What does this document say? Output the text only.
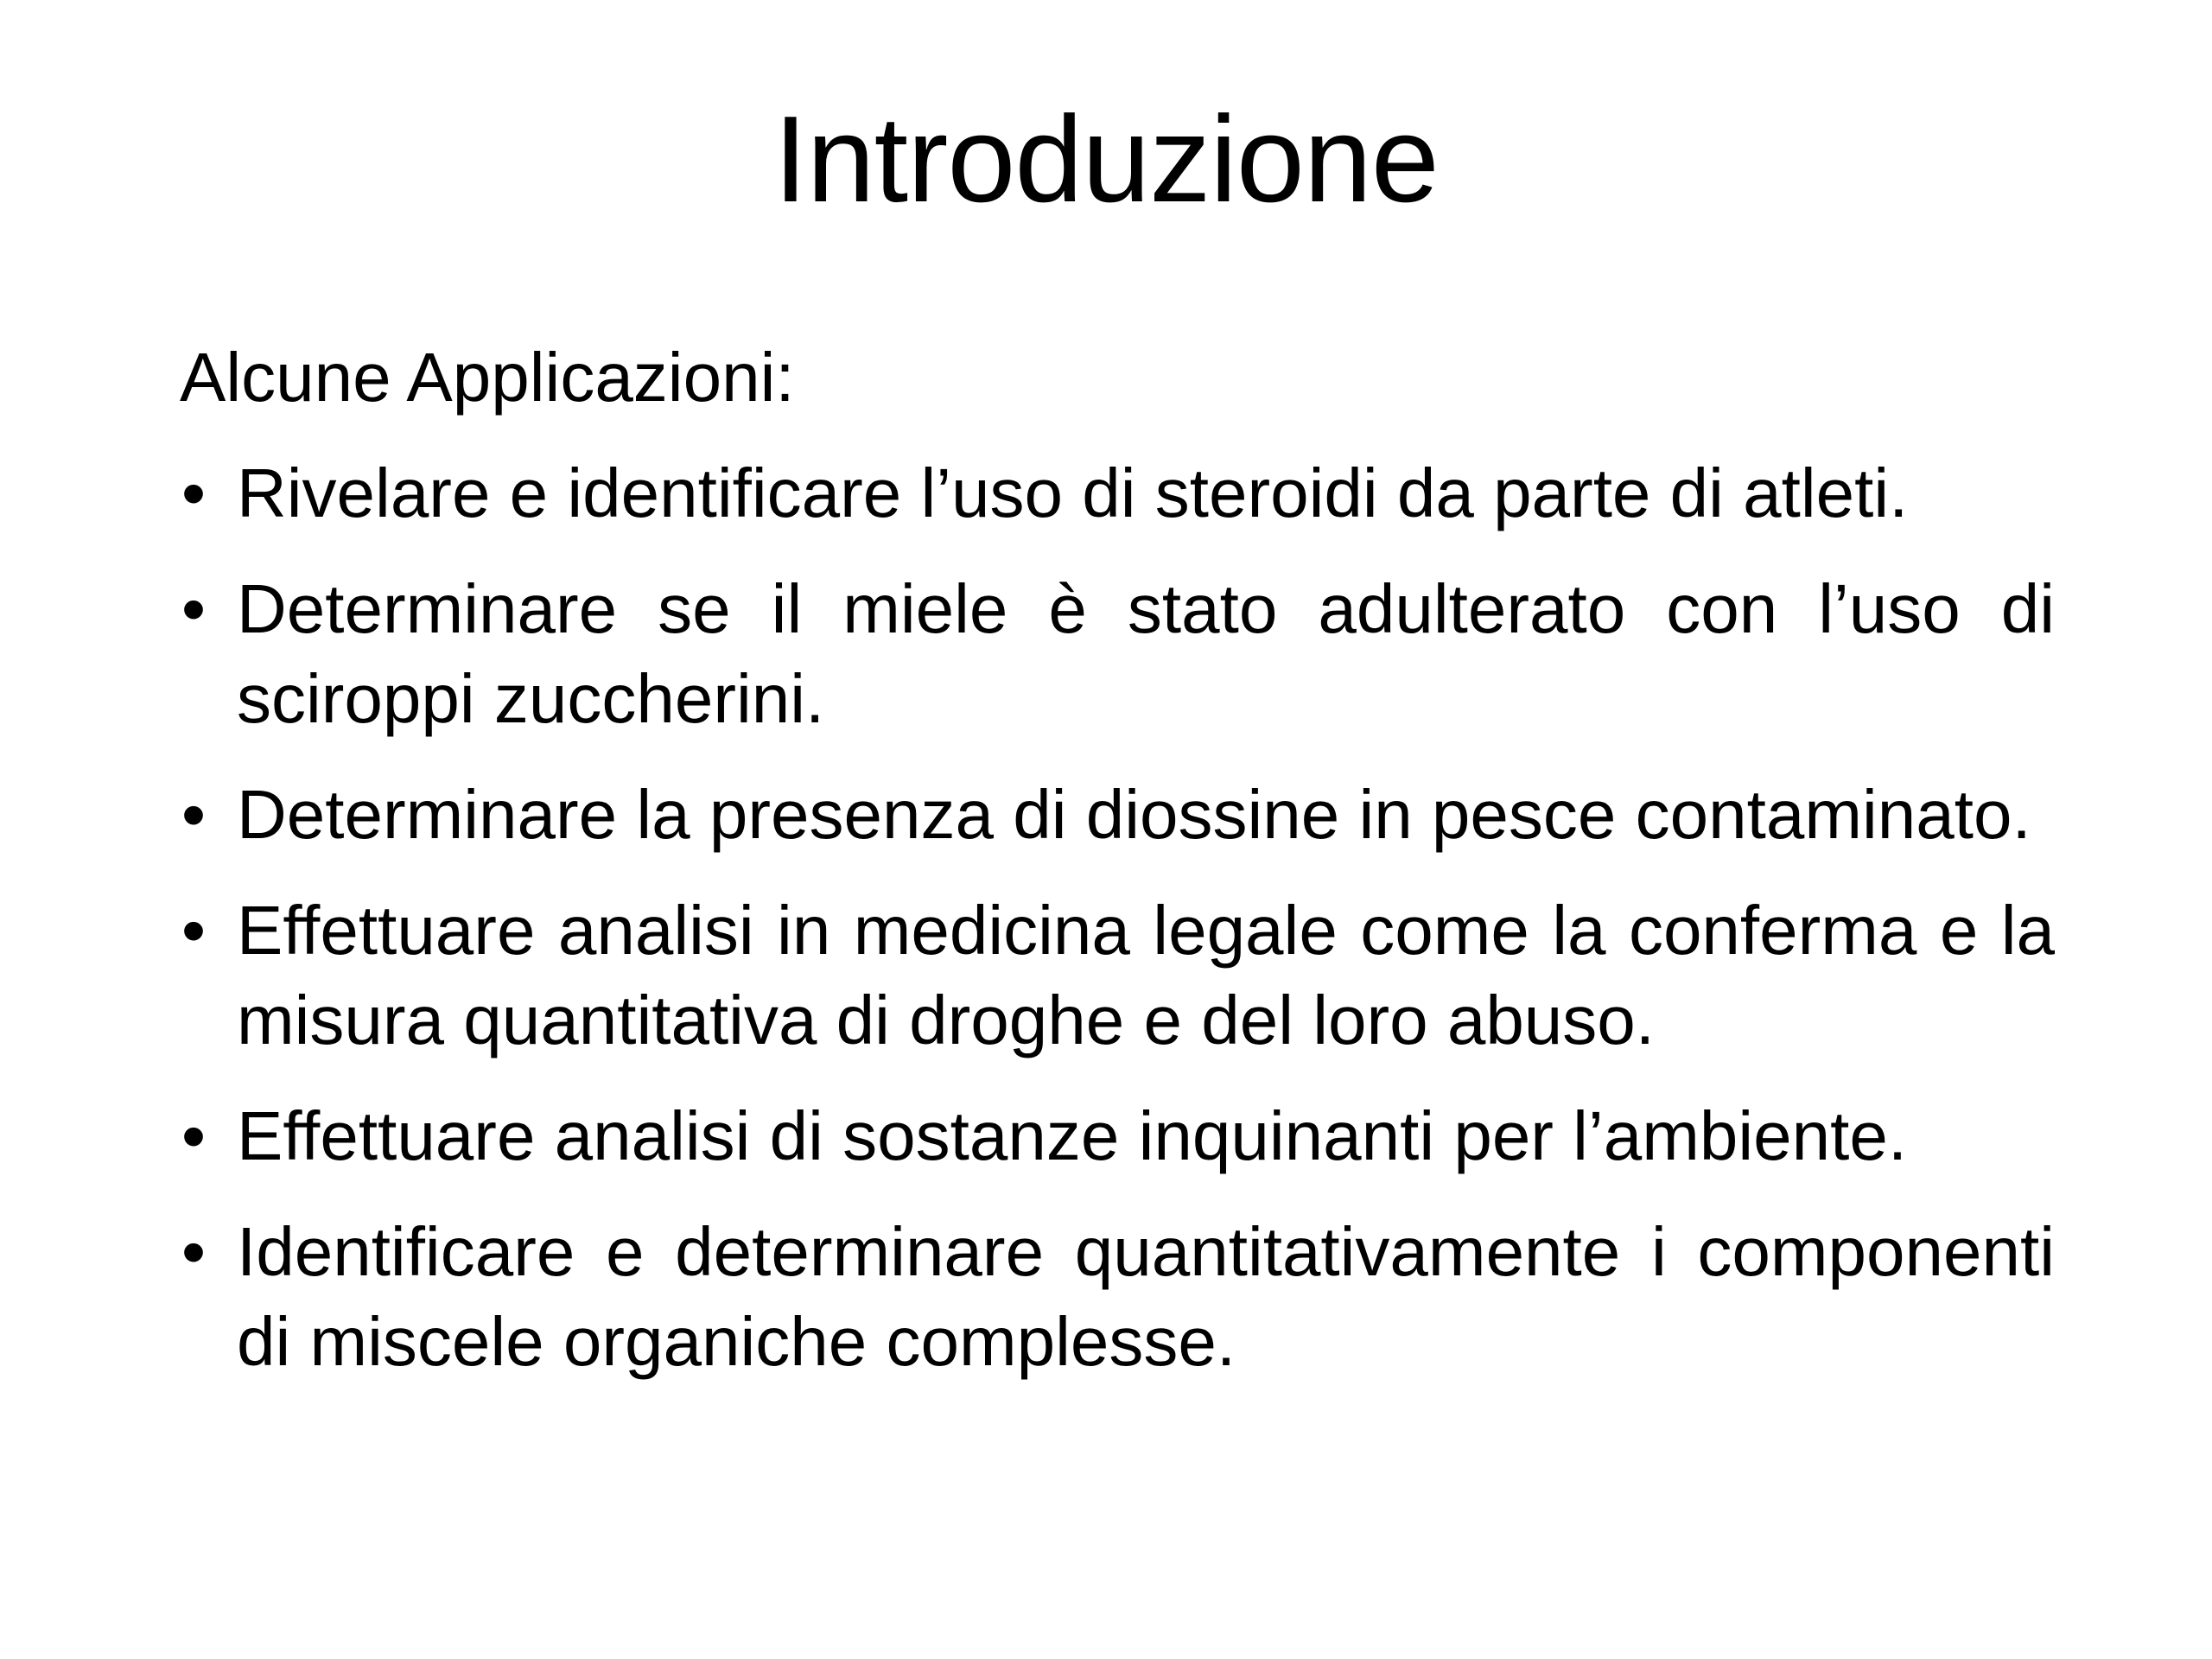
Introduzione

Alcune Applicazioni:

• Rivelare e identificare l’uso di steroidi da parte di atleti.
• Determinare se il miele è stato adulterato con l’uso di sciroppi zuccherini.
• Determinare la presenza di diossine in pesce contaminato.
• Effettuare analisi in medicina legale come la conferma e la misura quantitativa di droghe e del loro abuso.
• Effettuare analisi di sostanze inquinanti per l’ambiente.
• Identificare e determinare quantitativamente i componenti di miscele organiche complesse.
